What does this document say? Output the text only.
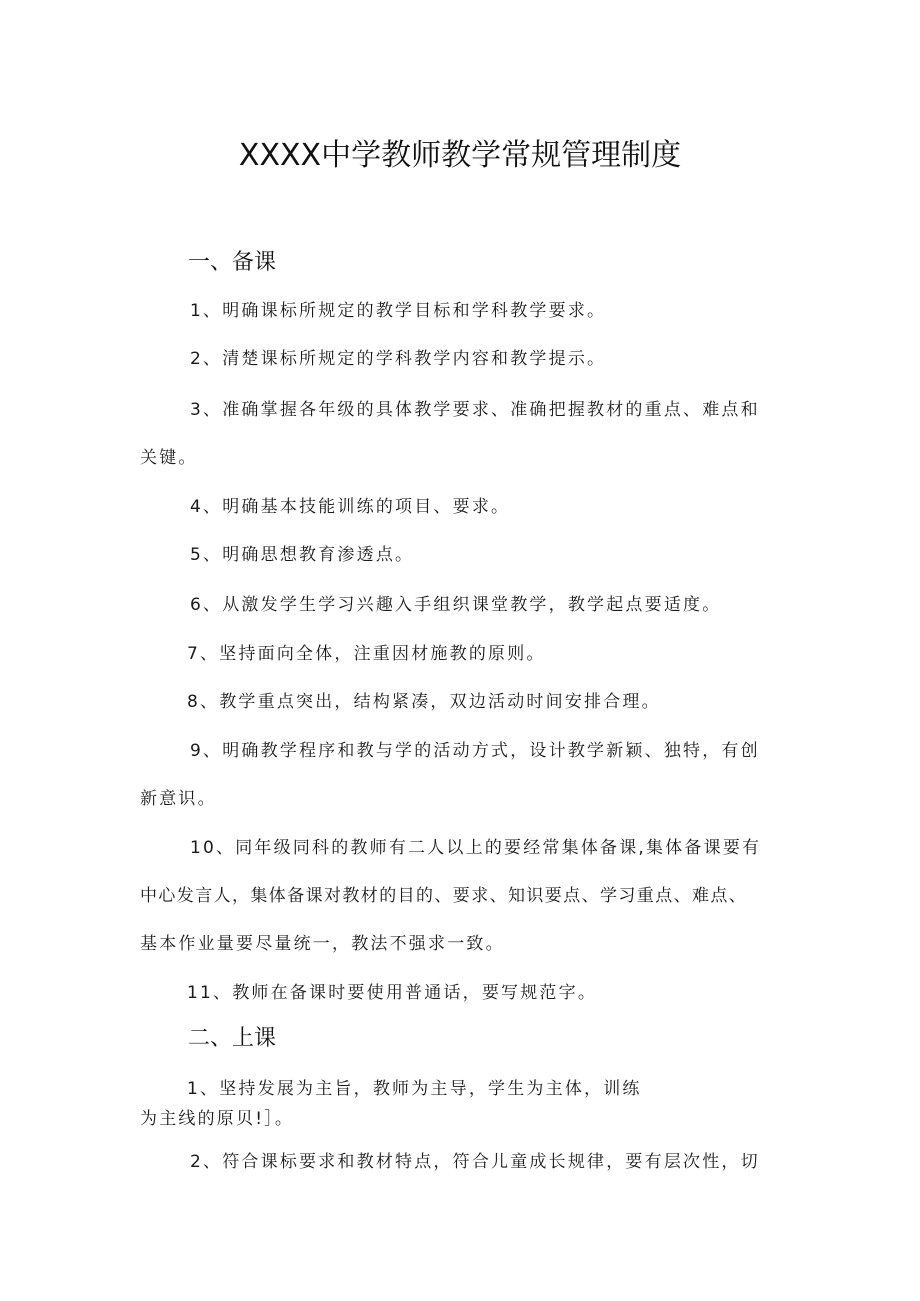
XXXX中学教师教学常规管理制度
一、备课
1、明确课标所规定的教学目标和学科教学要求。
2、清楚课标所规定的学科教学内容和教学提示。
3、准确掌握各年级的具体教学要求、准确把握教材的重点、难点和
关键。
4、明确基本技能训练的项目、要求。
5、明确思想教育渗透点。
6、从激发学生学习兴趣入手组织课堂教学，教学起点要适度。
7、坚持面向全体，注重因材施教的原则。
8、教学重点突出，结构紧凑，双边活动时间安排合理。
9、明确教学程序和教与学的活动方式，设计教学新颖、独特，有创
新意识。
10、同年级同科的教师有二人以上的要经常集体备课,集体备课要有
中心发言人，集体备课对教材的目的、要求、知识要点、学习重点、难点、
基本作业量要尽量统一，教法不强求一致。
11、教师在备课时要使用普通话，要写规范字。
二、上课
1、坚持发展为主旨，教师为主导，学生为主体，训练
为主线的原贝!］。
2、符合课标要求和教材特点，符合儿童成长规律，要有层次性，切
